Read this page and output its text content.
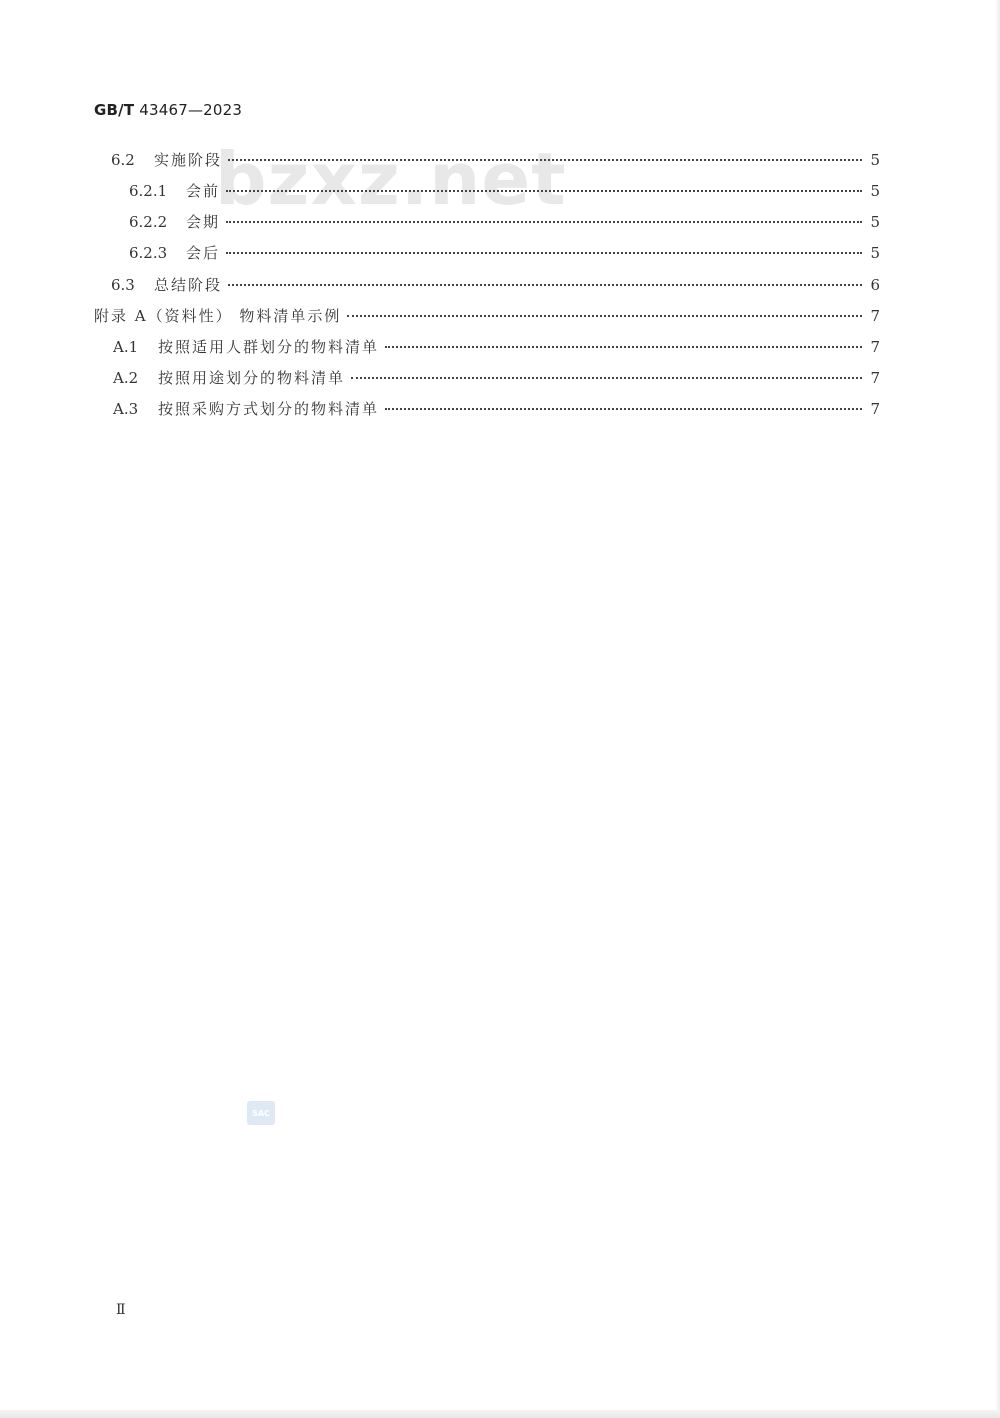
GB/T 43467—2023
bzxz.net
6.2	实施阶段	5
6.2.1	会前	5
6.2.2	会期	5
6.2.3	会后	5
6.3	总结阶段	6
附录 A （资料性） 物料清单示例	7
A.1	按照适用人群划分的物料清单	7
A.2	按照用途划分的物料清单	7
A.3	按照采购方式划分的物料清单	7
SAC
Ⅱ
